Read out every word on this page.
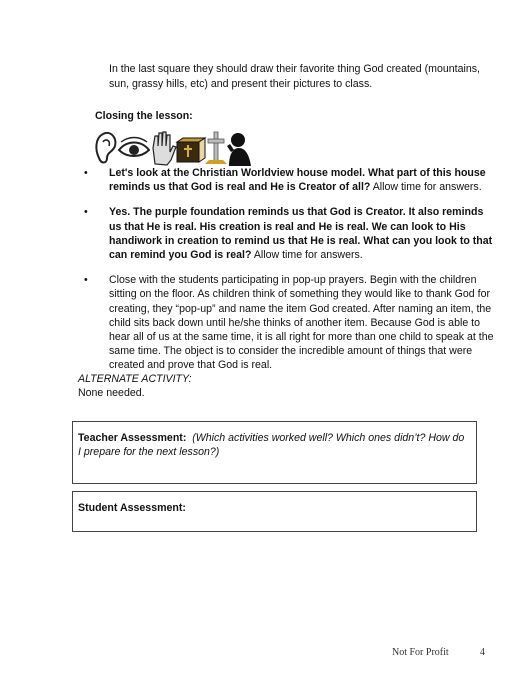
In the last square they should draw their favorite thing God created (mountains, sun, grassy hills, etc) and present their pictures to class.
Closing the lesson:
• Let's look at the Christian Worldview house model. What part of this house reminds us that God is real and He is Creator of all? Allow time for answers.
• Yes. The purple foundation reminds us that God is Creator. It also reminds us that He is real. His creation is real and He is real. We can look to His handiwork in creation to remind us that He is real. What can you look to that can remind you God is real? Allow time for answers.
• Close with the students participating in pop-up prayers. Begin with the children sitting on the floor. As children think of something they would like to thank God for creating, they “pop-up” and name the item God created. After naming an item, the child sits back down until he/she thinks of another item. Because God is able to hear all of us at the same time, it is all right for more than one child to speak at the same time. The object is to consider the incredible amount of things that were created and prove that God is real.
ALTERNATE ACTIVITY:
None needed.
Teacher Assessment: (Which activities worked well? Which ones didn’t? How do I prepare for the next lesson?)
Student Assessment:
Not For Profit	4
